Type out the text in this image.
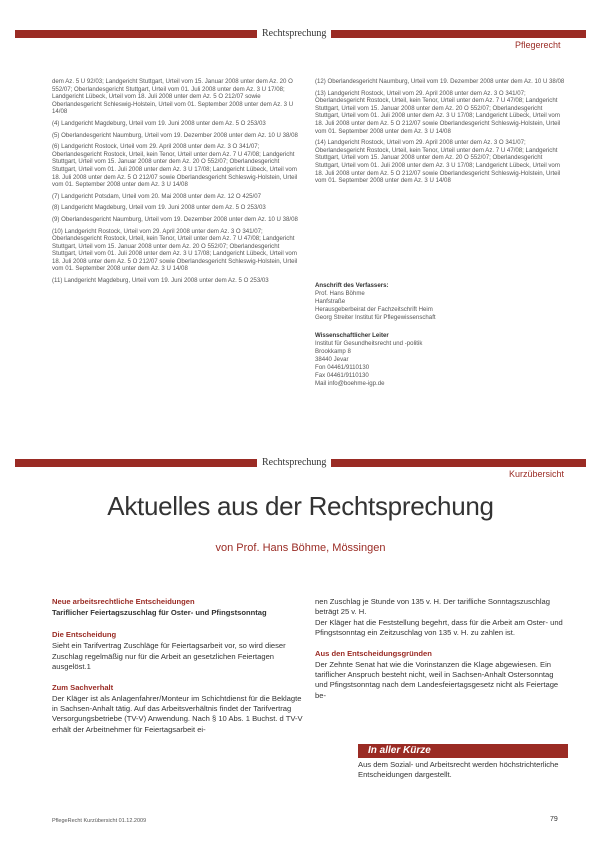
Rechtsprechung
Pflegerecht

dem Az. 5 U 92/03; Landgericht Stuttgart, Urteil vom 15. Januar 2008 unter dem Az. 20 O 552/07; Oberlandesgericht Stuttgart, Urteil vom 01. Juli 2008 unter dem Az. 3 U 17/08; Landgericht Lübeck, Urteil vom 18. Juli 2008 unter dem Az. 5 O 212/07 sowie Oberlandesgericht Schleswig-Holstein, Urteil vom 01. September 2008 unter dem Az. 3 U 14/08

(4) Landgericht Magdeburg, Urteil vom 19. Juni 2008 unter dem Az. 5 O 253/03

(5) Oberlandesgericht Naumburg, Urteil vom 19. Dezember 2008 unter dem Az. 10 U 38/08

(6) Landgericht Rostock, Urteil vom 29. April 2008 unter dem Az. 3 O 341/07; Oberlandesgericht Rostock, Urteil, kein Tenor, Urteil unter dem Az. 7 U 47/08; Landgericht Stuttgart, Urteil vom 15. Januar 2008 unter dem Az. 20 O 552/07; Oberlandesgericht Stuttgart, Urteil vom 01. Juli 2008 unter dem Az. 3 U 17/08; Landgericht Lübeck, Urteil vom 18. Juli 2008 unter dem Az. 5 O 212/07 sowie Oberlandesgericht Schleswig-Holstein, Urteil vom 01. September 2008 unter dem Az. 3 U 14/08

(7) Landgericht Potsdam, Urteil vom 20. Mai 2008 unter dem Az. 12 O 425/07

(8) Landgericht Magdeburg, Urteil vom 19. Juni 2008 unter dem Az. 5 O 253/03

(9) Oberlandesgericht Naumburg, Urteil vom 19. Dezember 2008 unter dem Az. 10 U 38/08

(10) Landgericht Rostock, Urteil vom 29. April 2008 unter dem Az. 3 O 341/07; Oberlandesgericht Rostock, Urteil, kein Tenor, Urteil unter dem Az. 7 U 47/08; Landgericht Stuttgart, Urteil vom 15. Januar 2008 unter dem Az. 20 O 552/07; Oberlandesgericht Stuttgart, Urteil vom 01. Juli 2008 unter dem Az. 3 U 17/08; Landgericht Lübeck, Urteil vom 18. Juli 2008 unter dem Az. 5 O 212/07 sowie Oberlandesgericht Schleswig-Holstein, Urteil vom 01. September 2008 unter dem Az. 3 U 14/08

(11) Landgericht Magdeburg, Urteil vom 19. Juni 2008 unter dem Az. 5 O 253/03

(12) Oberlandesgericht Naumburg, Urteil vom 19. Dezember 2008 unter dem Az. 10 U 38/08

(13) Landgericht Rostock, Urteil vom 29. April 2008 unter dem Az. 3 O 341/07; Oberlandesgericht Rostock, Urteil, kein Tenor, Urteil unter dem Az. 7 U 47/08; Landgericht Stuttgart, Urteil vom 15. Januar 2008 unter dem Az. 20 O 552/07; Oberlandesgericht Stuttgart, Urteil vom 01. Juli 2008 unter dem Az. 3 U 17/08; Landgericht Lübeck, Urteil vom 18. Juli 2008 unter dem Az. 5 O 212/07 sowie Oberlandesgericht Schleswig-Holstein, Urteil vom 01. September 2008 unter dem Az. 3 U 14/08

(14) Landgericht Rostock, Urteil vom 29. April 2008 unter dem Az. 3 O 341/07; Oberlandesgericht Rostock, Urteil, kein Tenor, Urteil unter dem Az. 7 U 47/08; Landgericht Stuttgart, Urteil vom 15. Januar 2008 unter dem Az. 20 O 552/07; Oberlandesgericht Stuttgart, Urteil vom 01. Juli 2008 unter dem Az. 3 U 17/08; Landgericht Lübeck, Urteil vom 18. Juli 2008 unter dem Az. 5 O 212/07 sowie Oberlandesgericht Schleswig-Holstein, Urteil vom 01. September 2008 unter dem Az. 3 U 14/08

Anschrift des Verfassers:
Prof. Hans Böhme
Hanfstraße
Herausgeberbeirat der Fachzeitschrift Heim
Georg Streiter Institut für Pflegewissenschaft
Wissenschaftlicher Leiter
Institut für Gesundheitsrecht und -politik
Brookkamp 8
38440 Jevar
Fon 04461/9110130
Fax 04461/9110130
Mail info@boehme-igp.de
Rechtsprechung
Kurzübersicht
Aktuelles aus der Rechtsprechung
von Prof. Hans Böhme, Mössingen
Neue arbeitsrechtliche Entscheidungen
Tariflicher Feiertagszuschlag für Oster- und Pfingstsonntag
Die Entscheidung
Sieht ein Tarifvertrag Zuschläge für Feiertagsarbeit vor, so wird dieser Zuschlag regelmäßig nur für die Arbeit an gesetzlichen Feiertagen ausgelöst.1
Zum Sachverhalt
Der Kläger ist als Anlagenfahrer/Monteur im Schichtdienst für die Beklagte in Sachsen-Anhalt tätig. Auf das Arbeitsverhältnis findet der Tarifvertrag Versorgungsbetriebe (TV-V) Anwendung. Nach § 10 Abs. 1 Buchst. d TV-V erhält der Arbeitnehmer für Feiertagsarbeit ei-
nen Zuschlag je Stunde von 135 v. H. Der tarifliche Sonntagszuschlag beträgt 25 v. H.
Der Kläger hat die Feststellung begehrt, dass für die Arbeit am Oster- und Pfingstsonntag ein Zeitzuschlag von 135 v. H. zu zahlen ist.
Aus den Entscheidungsgründen
Der Zehnte Senat hat wie die Vorinstanzen die Klage abgewiesen. Ein tariflicher Anspruch besteht nicht, weil in Sachsen-Anhalt Ostersonntag und Pfingstsonntag nach dem Landesfeiertagsgesetz nicht als Feiertage be-
In aller Kürze
Aus dem Sozial- und Arbeitsrecht werden höchstrichterliche Entscheidungen dargestellt.
PflegeRecht Kurzübersicht 01.12.2009	79
